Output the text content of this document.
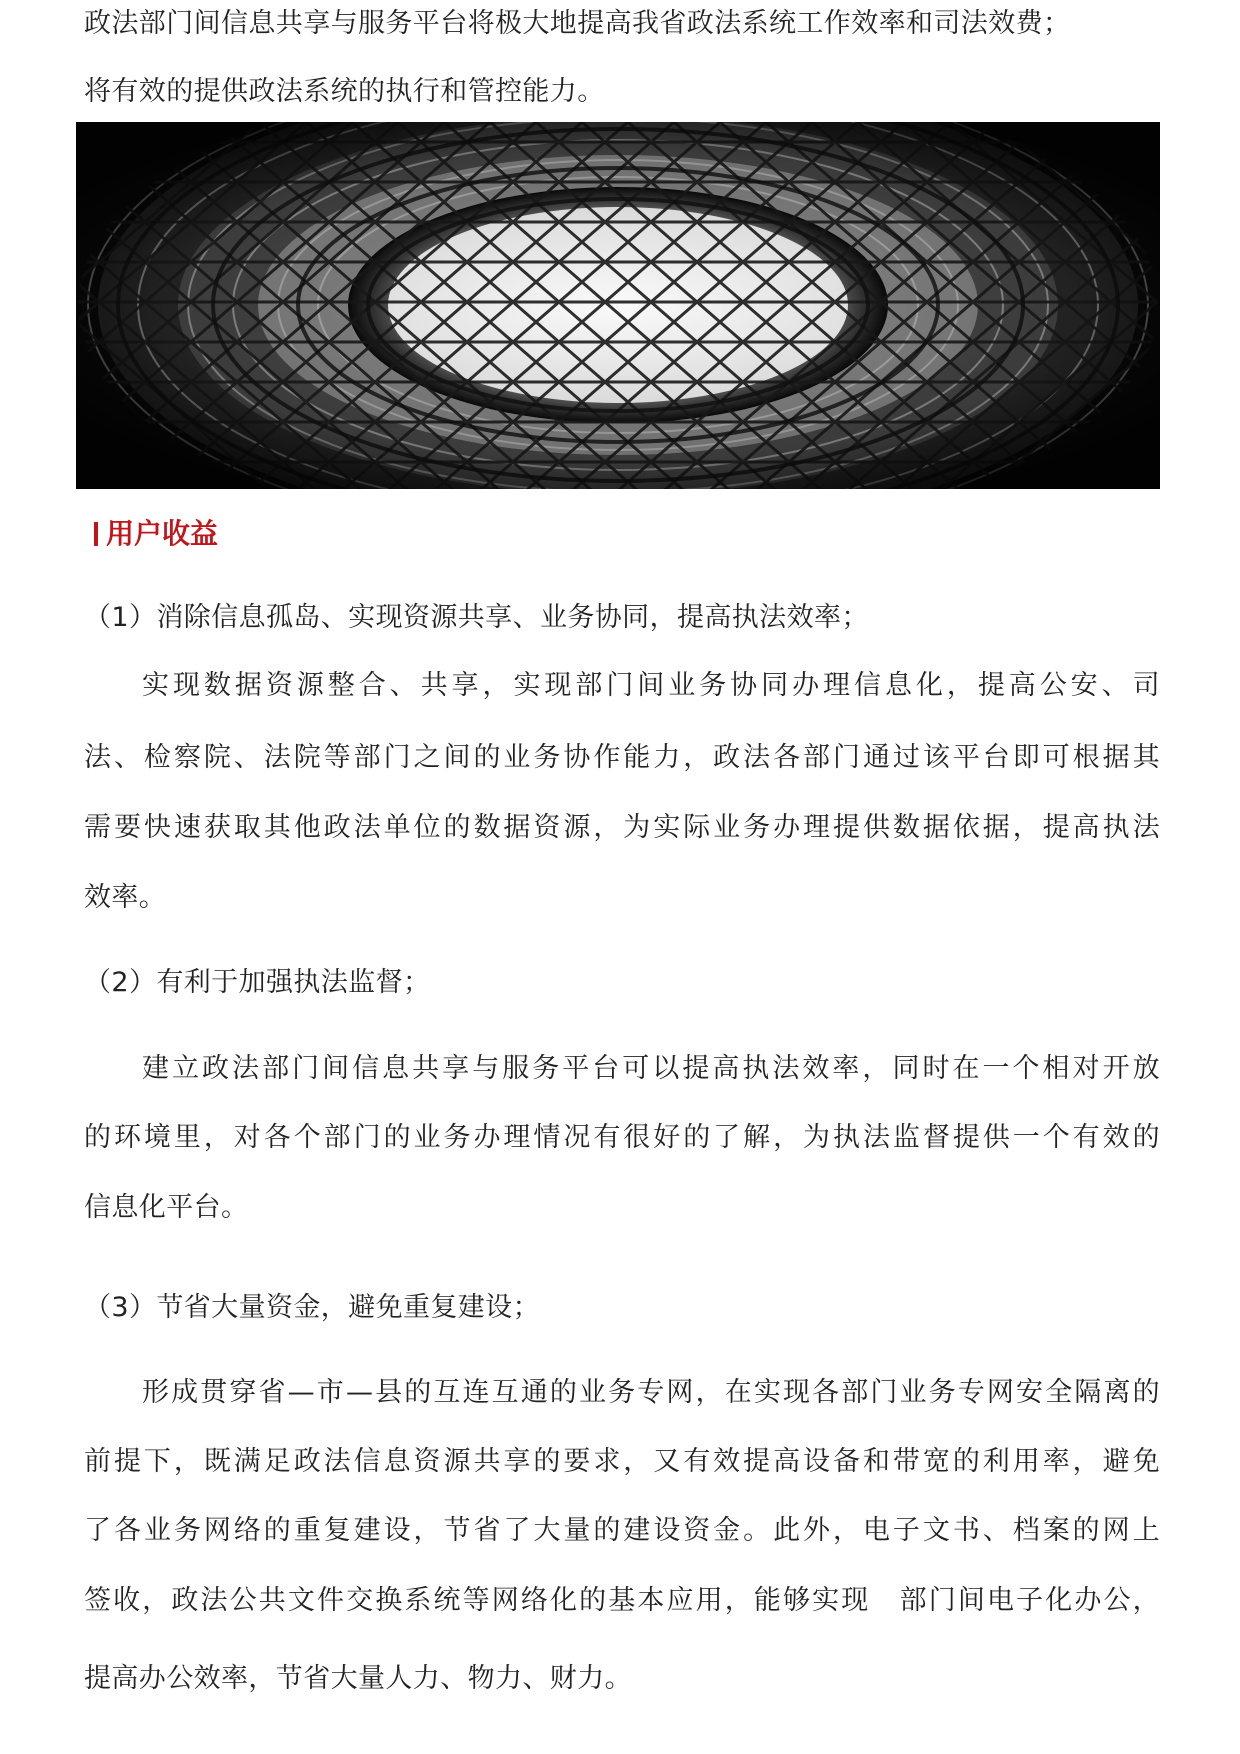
政法部门间信息共享与服务平台将极大地提高我省政法系统工作效率和司法效费；
将有效的提供政法系统的执行和管控能力。
用户收益
（1）消除信息孤岛、实现资源共享、业务协同，提高执法效率；
实现数据资源整合、共享，实现部门间业务协同办理信息化，提高公安、司
法、检察院、法院等部门之间的业务协作能力，政法各部门通过该平台即可根据其
需要快速获取其他政法单位的数据资源，为实际业务办理提供数据依据，提高执法
效率。
（2）有利于加强执法监督；
建立政法部门间信息共享与服务平台可以提高执法效率，同时在一个相对开放
的环境里，对各个部门的业务办理情况有很好的了解，为执法监督提供一个有效的
信息化平台。
（3）节省大量资金，避免重复建设；
形成贯穿省—市—县的互连互通的业务专网，在实现各部门业务专网安全隔离的
前提下，既满足政法信息资源共享的要求，又有效提高设备和带宽的利用率，避免
了各业务网络的重复建设，节省了大量的建设资金。此外，电子文书、档案的网上
签收，政法公共文件交换系统等网络化的基本应用，能够实现　部门间电子化办公，
提高办公效率，节省大量人力、物力、财力。
